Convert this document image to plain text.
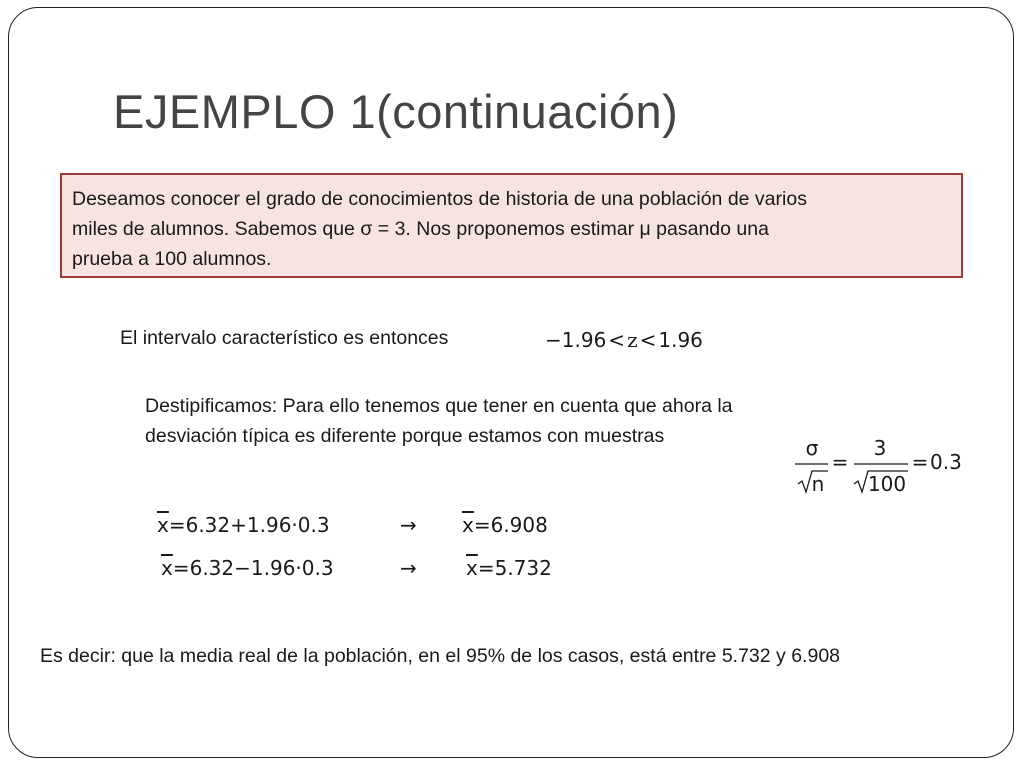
EJEMPLO 1(continuación)
Deseamos conocer el grado de conocimientos de historia de una población de varios
miles de alumnos. Sabemos que σ = 3. Nos proponemos estimar μ pasando una
prueba a 100 alumnos.
El intervalo característico es entonces	−1.96 < z < 1.96
Destipificamos: Para ello tenemos que tener en cuenta que ahora la
desviación típica es diferente porque estamos con muestras	σ
n
=
3
100
= 0.3
$\overline{x}=6.32+1.96\cdot 0.3$	→ $\overline{x}=6.908$
$\overline{x}=6.32-1.96\cdot 0.3$	→ $\overline{x}=5.732$
Es decir: que la media real de la población, en el 95% de los casos, está entre 5.732 y 6.908
